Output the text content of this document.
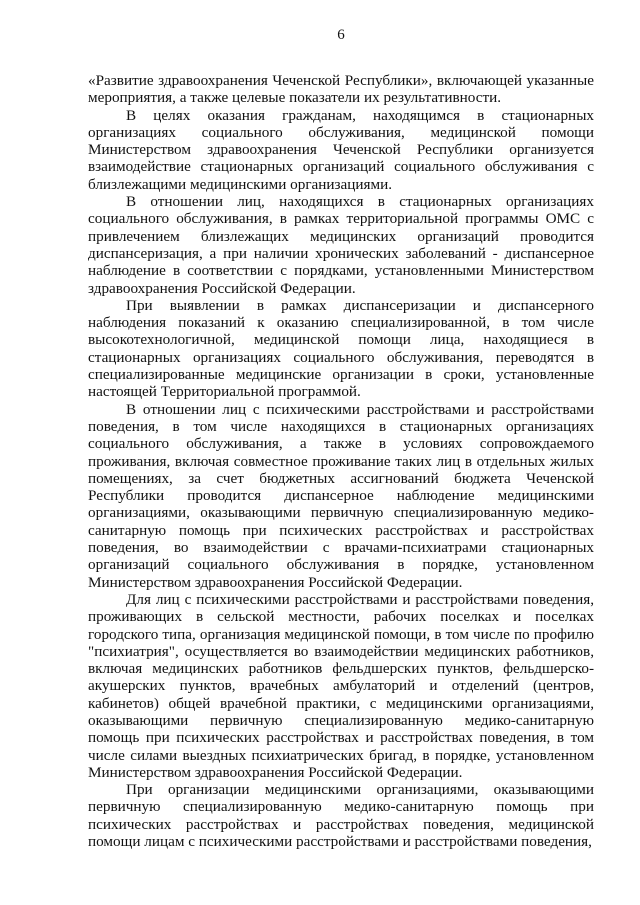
6

«Развитие здравоохранения Чеченской Республики», включающей указанные мероприятия, а также целевые показатели их результативности.

В целях оказания гражданам, находящимся в стационарных организациях социального обслуживания, медицинской помощи Министерством здравоохранения Чеченской Республики организуется взаимодействие стационарных организаций социального обслуживания с близлежащими медицинскими организациями.

В отношении лиц, находящихся в стационарных организациях социального обслуживания, в рамках территориальной программы ОМС с привлечением близлежащих медицинских организаций проводится диспансеризация, а при наличии хронических заболеваний - диспансерное наблюдение в соответствии с порядками, установленными Министерством здравоохранения Российской Федерации.

При выявлении в рамках диспансеризации и диспансерного наблюдения показаний к оказанию специализированной, в том числе высокотехнологичной, медицинской помощи лица, находящиеся в стационарных организациях социального обслуживания, переводятся в специализированные медицинские организации в сроки, установленные настоящей Территориальной программой.

В отношении лиц с психическими расстройствами и расстройствами поведения, в том числе находящихся в стационарных организациях социального обслуживания, а также в условиях сопровождаемого проживания, включая совместное проживание таких лиц в отдельных жилых помещениях, за счет бюджетных ассигнований бюджета Чеченской Республики проводится диспансерное наблюдение медицинскими организациями, оказывающими первичную специализированную медико-санитарную помощь при психических расстройствах и расстройствах поведения, во взаимодействии с врачами-психиатрами стационарных организаций социального обслуживания в порядке, установленном Министерством здравоохранения Российской Федерации.

Для лиц с психическими расстройствами и расстройствами поведения, проживающих в сельской местности, рабочих поселках и поселках городского типа, организация медицинской помощи, в том числе по профилю "психиатрия", осуществляется во взаимодействии медицинских работников, включая медицинских работников фельдшерских пунктов, фельдшерско-акушерских пунктов, врачебных амбулаторий и отделений (центров, кабинетов) общей врачебной практики, с медицинскими организациями, оказывающими первичную специализированную медико-санитарную помощь при психических расстройствах и расстройствах поведения, в том числе силами выездных психиатрических бригад, в порядке, установленном Министерством здравоохранения Российской Федерации.

При организации медицинскими организациями, оказывающими первичную специализированную медико-санитарную помощь при психических расстройствах и расстройствах поведения, медицинской помощи лицам с психическими расстройствами и расстройствами поведения,
